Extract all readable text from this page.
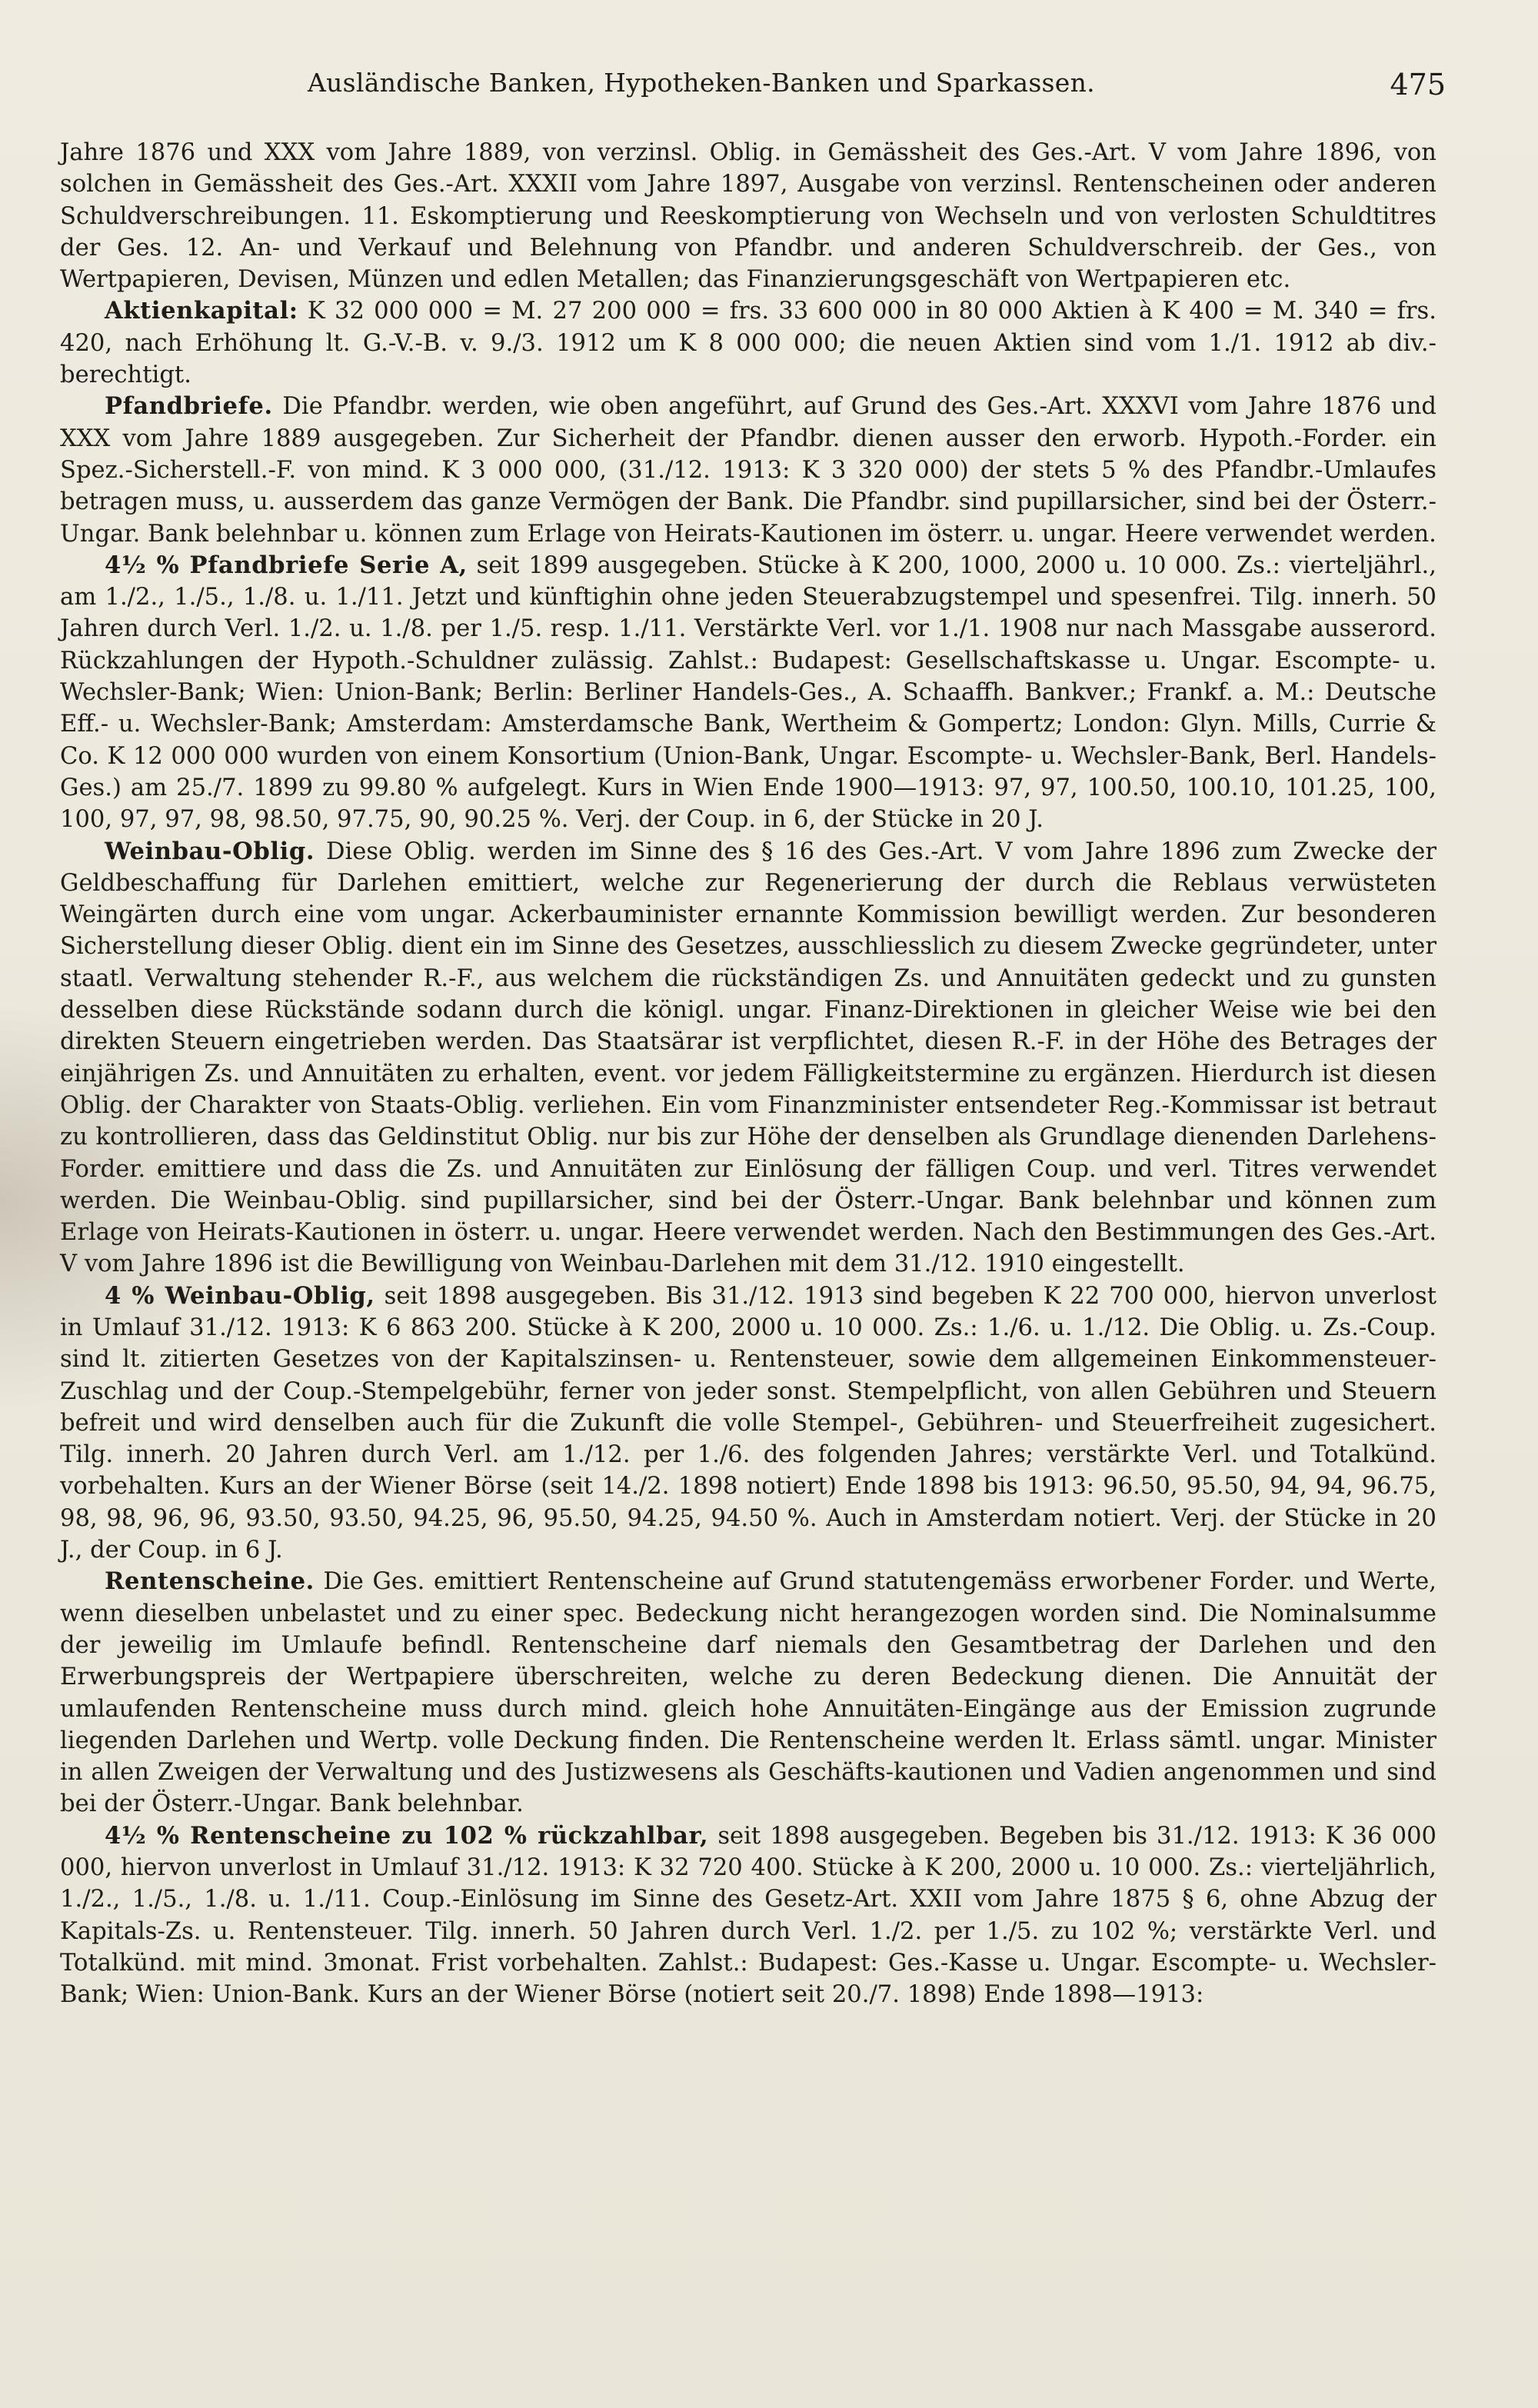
Ausländische Banken, Hypotheken-Banken und Sparkassen.	475

Jahre 1876 und XXX vom Jahre 1889, von verzinsl. Oblig. in Gemässheit des Ges.-Art. V vom Jahre 1896, von solchen in Gemässheit des Ges.-Art. XXXII vom Jahre 1897, Ausgabe von verzinsl. Rentenscheinen oder anderen Schuldverschreibungen. 11. Eskomptierung und Reeskomptierung von Wechseln und von verlosten Schuldtitres der Ges. 12. An- und Verkauf und Belehnung von Pfandbr. und anderen Schuldverschreib. der Ges., von Wertpapieren, Devisen, Münzen und edlen Metallen; das Finanzierungsgeschäft von Wertpapieren etc.

Aktienkapital: K 32 000 000 = M. 27 200 000 = frs. 33 600 000 in 80 000 Aktien à K 400 = M. 340 = frs. 420, nach Erhöhung lt. G.-V.-B. v. 9./3. 1912 um K 8 000 000; die neuen Aktien sind vom 1./1. 1912 ab div.-berechtigt.

Pfandbriefe. Die Pfandbr. werden, wie oben angeführt, auf Grund des Ges.-Art. XXXVI vom Jahre 1876 und XXX vom Jahre 1889 ausgegeben. Zur Sicherheit der Pfandbr. dienen ausser den erworb. Hypoth.-Forder. ein Spez.-Sicherstell.-F. von mind. K 3 000 000, (31./12. 1913: K 3 320 000) der stets 5 % des Pfandbr.-Umlaufes betragen muss, u. ausserdem das ganze Vermögen der Bank. Die Pfandbr. sind pupillarsicher, sind bei der Österr.-Ungar. Bank belehnbar u. können zum Erlage von Heirats-Kautionen im österr. u. ungar. Heere verwendet werden.

4½ % Pfandbriefe Serie A, seit 1899 ausgegeben. Stücke à K 200, 1000, 2000 u. 10 000. Zs.: vierteljährl., am 1./2., 1./5., 1./8. u. 1./11. Jetzt und künftighin ohne jeden Steuerabzugstempel und spesenfrei. Tilg. innerh. 50 Jahren durch Verl. 1./2. u. 1./8. per 1./5. resp. 1./11. Verstärkte Verl. vor 1./1. 1908 nur nach Massgabe ausserord. Rückzahlungen der Hypoth.-Schuldner zulässig. Zahlst.: Budapest: Gesellschaftskasse u. Ungar. Escompte- u. Wechsler-Bank; Wien: Union-Bank; Berlin: Berliner Handels-Ges., A. Schaaffh. Bankver.; Frankf. a. M.: Deutsche Eff.- u. Wechsler-Bank; Amsterdam: Amsterdamsche Bank, Wertheim & Gompertz; London: Glyn. Mills, Currie & Co. K 12 000 000 wurden von einem Konsortium (Union-Bank, Ungar. Escompte- u. Wechsler-Bank, Berl. Handels-Ges.) am 25./7. 1899 zu 99.80 % aufgelegt. Kurs in Wien Ende 1900—1913: 97, 97, 100.50, 100.10, 101.25, 100, 100, 97, 97, 98, 98.50, 97.75, 90, 90.25 %. Verj. der Coup. in 6, der Stücke in 20 J.

Weinbau-Oblig. Diese Oblig. werden im Sinne des § 16 des Ges.-Art. V vom Jahre 1896 zum Zwecke der Geldbeschaffung für Darlehen emittiert, welche zur Regenerierung der durch die Reblaus verwüsteten Weingärten durch eine vom ungar. Ackerbauminister ernannte Kommission bewilligt werden. Zur besonderen Sicherstellung dieser Oblig. dient ein im Sinne des Gesetzes, ausschliesslich zu diesem Zwecke gegründeter, unter staatl. Verwaltung stehender R.-F., aus welchem die rückständigen Zs. und Annuitäten gedeckt und zu gunsten desselben diese Rückstände sodann durch die königl. ungar. Finanz-Direktionen in gleicher Weise wie bei den direkten Steuern eingetrieben werden. Das Staatsärar ist verpflichtet, diesen R.-F. in der Höhe des Betrages der einjährigen Zs. und Annuitäten zu erhalten, event. vor jedem Fälligkeitstermine zu ergänzen. Hierdurch ist diesen Oblig. der Charakter von Staats-Oblig. verliehen. Ein vom Finanzminister entsendeter Reg.-Kommissar ist betraut zu kontrollieren, dass das Geldinstitut Oblig. nur bis zur Höhe der denselben als Grundlage dienenden Darlehens-Forder. emittiere und dass die Zs. und Annuitäten zur Einlösung der fälligen Coup. und verl. Titres verwendet werden. Die Weinbau-Oblig. sind pupillarsicher, sind bei der Österr.-Ungar. Bank belehnbar und können zum Erlage von Heirats-Kautionen in österr. u. ungar. Heere verwendet werden. Nach den Bestimmungen des Ges.-Art. V vom Jahre 1896 ist die Bewilligung von Weinbau-Darlehen mit dem 31./12. 1910 eingestellt.

4 % Weinbau-Oblig, seit 1898 ausgegeben. Bis 31./12. 1913 sind begeben K 22 700 000, hiervon unverlost in Umlauf 31./12. 1913: K 6 863 200. Stücke à K 200, 2000 u. 10 000. Zs.: 1./6. u. 1./12. Die Oblig. u. Zs.-Coup. sind lt. zitierten Gesetzes von der Kapitalszinsen- u. Rentensteuer, sowie dem allgemeinen Einkommensteuer-Zuschlag und der Coup.-Stempelgebühr, ferner von jeder sonst. Stempelpflicht, von allen Gebühren und Steuern befreit und wird denselben auch für die Zukunft die volle Stempel-, Gebühren- und Steuerfreiheit zugesichert. Tilg. innerh. 20 Jahren durch Verl. am 1./12. per 1./6. des folgenden Jahres; verstärkte Verl. und Totalkünd. vorbehalten. Kurs an der Wiener Börse (seit 14./2. 1898 notiert) Ende 1898 bis 1913: 96.50, 95.50, 94, 94, 96.75, 98, 98, 96, 96, 93.50, 93.50, 94.25, 96, 95.50, 94.25, 94.50 %. Auch in Amsterdam notiert. Verj. der Stücke in 20 J., der Coup. in 6 J.

Rentenscheine. Die Ges. emittiert Rentenscheine auf Grund statutengemäss erworbener Forder. und Werte, wenn dieselben unbelastet und zu einer spec. Bedeckung nicht herangezogen worden sind. Die Nominalsumme der jeweilig im Umlaufe befindl. Rentenscheine darf niemals den Gesamtbetrag der Darlehen und den Erwerbungspreis der Wertpapiere überschreiten, welche zu deren Bedeckung dienen. Die Annuität der umlaufenden Rentenscheine muss durch mind. gleich hohe Annuitäten-Eingänge aus der Emission zugrunde liegenden Darlehen und Wertp. volle Deckung finden. Die Rentenscheine werden lt. Erlass sämtl. ungar. Minister in allen Zweigen der Verwaltung und des Justizwesens als Geschäfts-kautionen und Vadien angenommen und sind bei der Österr.-Ungar. Bank belehnbar.

4½ % Rentenscheine zu 102 % rückzahlbar, seit 1898 ausgegeben. Begeben bis 31./12. 1913: K 36 000 000, hiervon unverlost in Umlauf 31./12. 1913: K 32 720 400. Stücke à K 200, 2000 u. 10 000. Zs.: vierteljährlich, 1./2., 1./5., 1./8. u. 1./11. Coup.-Einlösung im Sinne des Gesetz-Art. XXII vom Jahre 1875 § 6, ohne Abzug der Kapitals-Zs. u. Rentensteuer. Tilg. innerh. 50 Jahren durch Verl. 1./2. per 1./5. zu 102 %; verstärkte Verl. und Totalkünd. mit mind. 3monat. Frist vorbehalten. Zahlst.: Budapest: Ges.-Kasse u. Ungar. Escompte- u. Wechsler-Bank; Wien: Union-Bank. Kurs an der Wiener Börse (notiert seit 20./7. 1898) Ende 1898—1913:
